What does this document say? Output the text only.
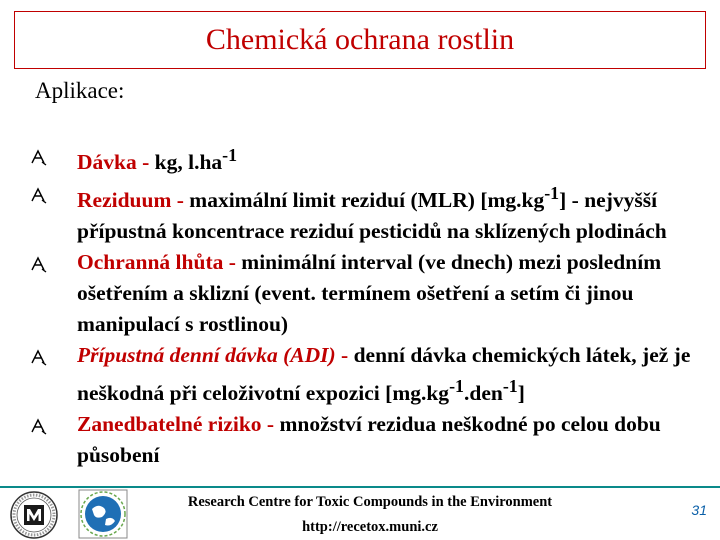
Chemická ochrana rostlin
Aplikace:
Dávka - kg, $l.ha^{-1}$
Reziduum - maximální limit reziduí (MLR) $[mg.kg^{-1}]$ - nejvyšší přípustná koncentrace reziduí pesticidů na sklízených plodinách
Ochranná lhůta - minimální interval (ve dnech) mezi posledním ošetřením a sklizní (event. termínem ošetření a setím či jinou manipulací s rostlinou)
Přípustná denní dávka (ADI) - denní dávka chemických látek, jež je neškodná při celoživotní expozici $[mg.kg^{-1}.den^{-1}]$
Zanedbatelné riziko - množství rezidua neškodné po celou dobu působení
Research Centre for Toxic Compounds in the Environment
http://recetox.muni.cz
31
